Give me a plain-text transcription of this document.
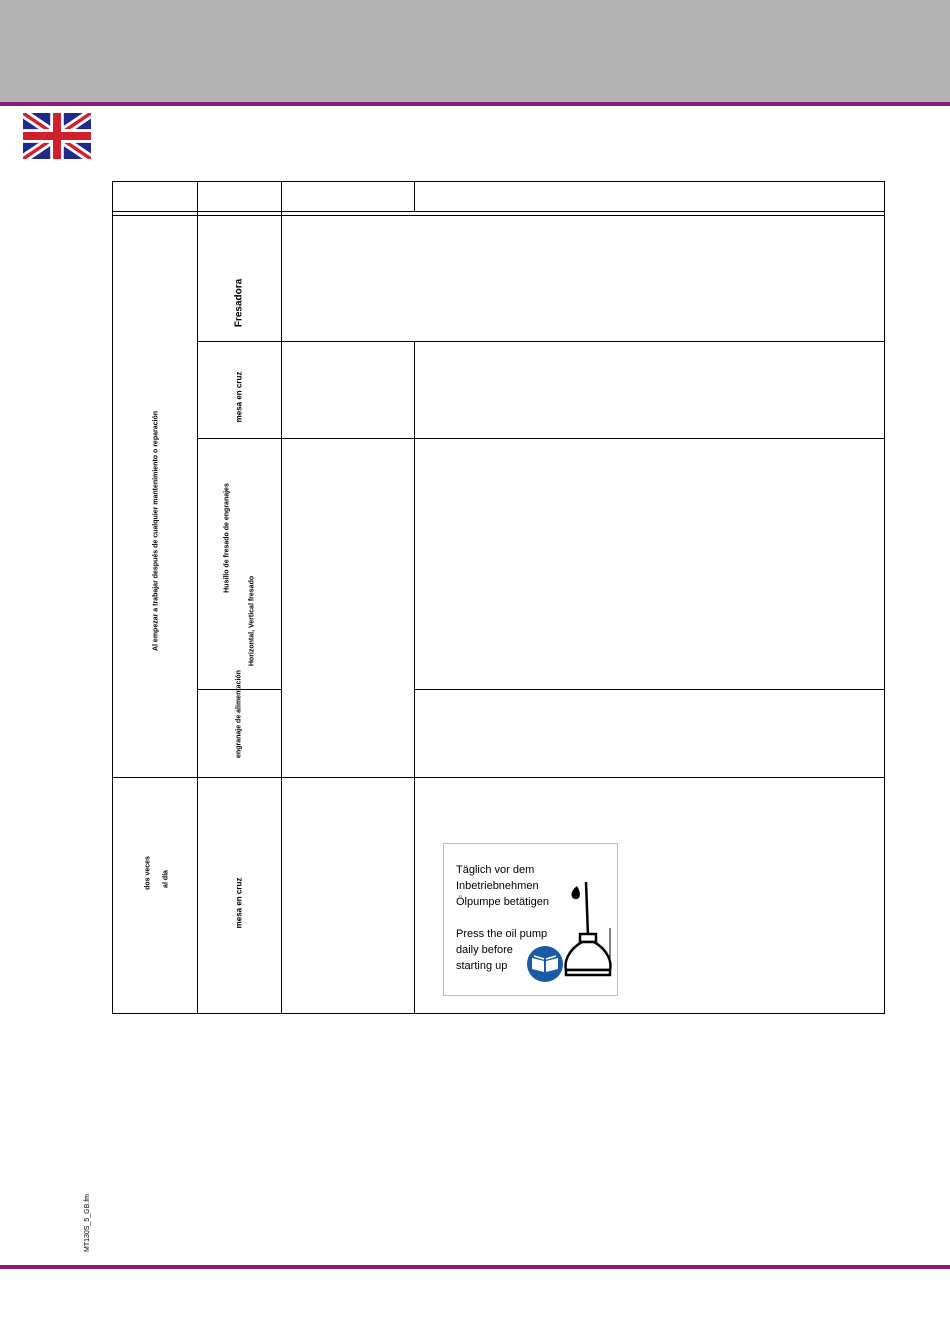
Al empezar a trabajar después de cualquier mantenimiento o reparación
Fresadora
mesa en cruz
Husillo de fresado de engranajes
Horizontal, Vertical fresado
engranaje de alimentación
dos veces al día	mesa en cruz
Täglich vor dem
Inbetriebnehmen
Ölpumpe betätigen
Press the oil pump
daily before
starting up
MT130S_5_GB.fm
